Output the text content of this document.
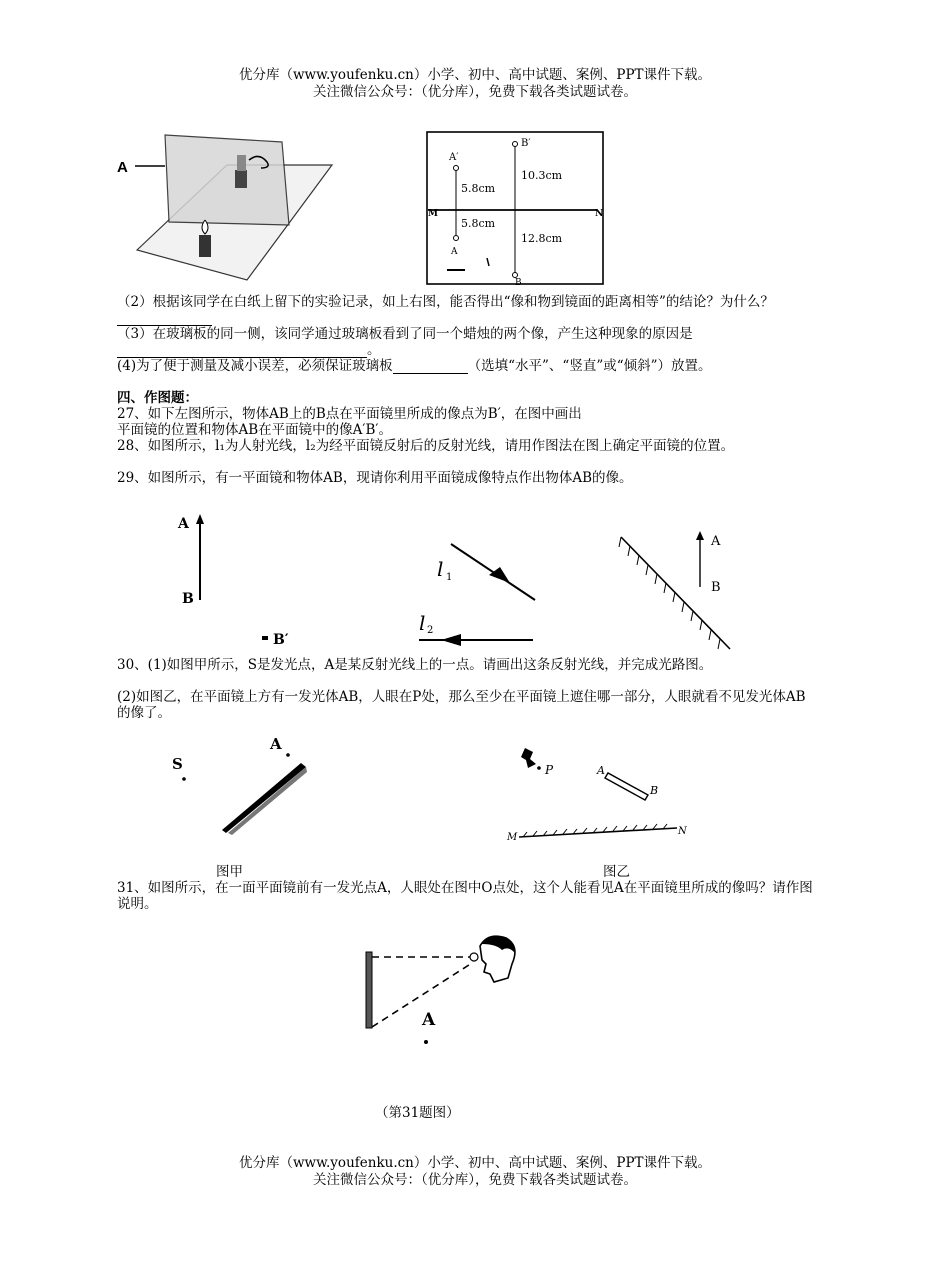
优分库（www.youfenku.cn）小学、初中、高中试题、案例、PPT课件下载。
关注微信公众号：（优分库），免费下载各类试题试卷。
A
M	N
A′
A
5.8cm
5.8cm
B′
B
10.3cm
12.8cm
（2）根据该同学在白纸上留下的实验记录，如上右图，能否得出“像和物到镜面的距离相等”的结论？为什么？
（3）在玻璃板的同一侧，该同学通过玻璃板看到了同一个蜡烛的两个像，产生这种现象的原因是。
(4)为了便于测量及减小误差，必须保证玻璃板	（选填“水平”、“竖直”或“倾斜”）放置。
四、作图题：
27、如下左图所示，物体AB上的B点在平面镜里所成的像点为B′，在图中画出
平面镜的位置和物体AB在平面镜中的像A′B′。
28、如图所示，l₁为人射光线，l₂为经平面镜反射后的反射光线，请用作图法在图上确定平面镜的位置。
29、如图所示，有一平面镜和物体AB，现请你利用平面镜成像特点作出物体AB的像。
A
B
B′
l 1
l 2
A
B
30、(1)如图甲所示，S是发光点，A是某反射光线上的一点。请画出这条反射光线，并完成光路图。
(2)如图乙，在平面镜上方有一发光体AB，人眼在P处，那么至少在平面镜上遮住哪一部分，人眼就看不见发光体AB的像了。
S
A
P	A
B
M
N
图甲	图乙
31、如图所示，在一面平面镜前有一发光点A，人眼处在图中O点处，这个人能看见A在平面镜里所成的像吗？请作图说明。
A
（第31题图）
优分库（www.youfenku.cn）小学、初中、高中试题、案例、PPT课件下载。
关注微信公众号：（优分库），免费下载各类试题试卷。
